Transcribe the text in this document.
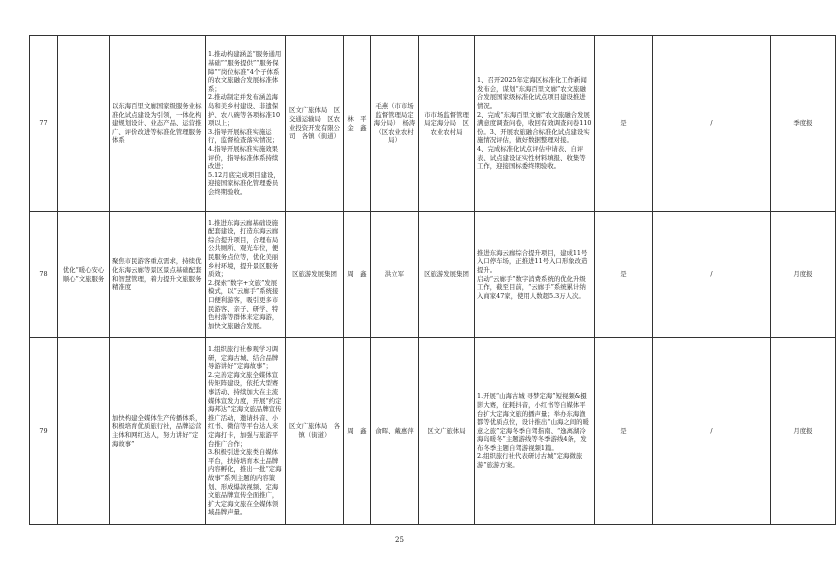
77		以东海百里文廊国家级服务业标准化试点建设为引领，一体化构建规划设计、业态产品、运营推广、评价改进等标准化管理服务体系	1.推动构建涵盖“服务通用基础”“服务提供”“服务保障”“岗位标准”4个子体系的农文旅融合发展标准体系；
2.推动制定并发布涵盖海岛和美乡村建设、非遗保护、农八碗等各项标准10项以上；
3.指导开展标准实施运行，监督检查落实情况；
4.指导开展标准实施效果评价，指导标准体系持续改进；
5.12月底完成项目建设，迎接国家标准化管理委员会终期验收。	区文广旅体局　区交通运输局　区农业投资开发有限公司　各镇（街道）	林　平
金　鑫	毛燕（市市场监督管理局定海分局）　杨涛（区农业农村局）	市市场监督管理局定海分局　区农业农村局	1、召开2025年定海区标准化工作新闻发布会，谋划“东海百里文廊”农文旅融合发展国家级标准化试点项目建设推进情况。
2、完成“东海百里文廊”农文旅融合发展满意度调查问卷，收回有效调查问卷110份。3、开展农旅融合标准化试点建设实施情况评估，做好数据整理对接。
4、完成标准化试点评估申请表、自评表、试点建设证实性材料填报、收集等工作，迎接国标委终期验收。	是	/	季度报
78	优化“暖心安心顺心”文旅服务	聚焦市民游客重点需求，持续优化东海云廊等景区景点基础配套和智慧管理，着力提升文旅服务精准度	1.推进东海云廊基础设施配套建设，打造东海云廊综合提升项目，合理布局公共厕所、观光车位，便民服务点位等，优化美丽乡村环境，提升景区服务质效；
2.探索“数字+文旅”发展模式，以“云廊手”系统接口便利游客，吸引更多市民游客、亲子、研学、特色村落等群体来定海游，加快文旅融合发展。	区旅游发展集团	周　鑫	洪立军	区旅游发展集团	推进东海云廊综合提升项目，建成11号入口停车场，正推进11号入口形象改造提升。
启动“云廊手”数字消费系统的优化升级工作，截至目前，“云廊手”系统累计纳入商家47家，使用人数超5.3万人次。	是	/	月度报
79		加快构建全媒体生产传播体系，积极培育优质旅行社，品牌运营主体和网红达人，努力讲好“定海故事”	1.组织旅行社参观学习调研，定海古城、结合品牌导游讲好“定海故事”；
2.完善定海文旅全媒体宣传矩阵建设，依托大型赛事活动、持续加大在主流媒体宣发力度，开展“约定海邦达”定海文旅品牌宣传推广活动，邀请抖音、小红书、微信等平台达人来定海打卡，加强与旅游平台推广合作；
3.积极引进文旅类自媒体平台，扶持培育本土品牌内容孵化，推出一批“定海故事”系列主题的内容策划、形成爆款视频、定海文旅品牌宣传全面推广，扩大定海文旅在全媒体领域品牌声量。	区文广旅体局　各镇（街道）	周　鑫	俞晖、戴惠萍	区文广旅体局	1.开展“山海古城 寻梦定海”短视频&摄影大赛，征耗抖音，小红书等自媒体平台扩大定海文旅的播声量；举办东海渔都等优质点位，设计推出“山海之间的暖意之旅”定海冬季自驾指南、“逸离湖冷 海岛暖冬”主题游线等冬季游线4条，发布冬季主题自驾游视频1篇。
2.组织旅行社代表研讨古城“定海微旅游”旅游方案。	是	/	月度报
25
